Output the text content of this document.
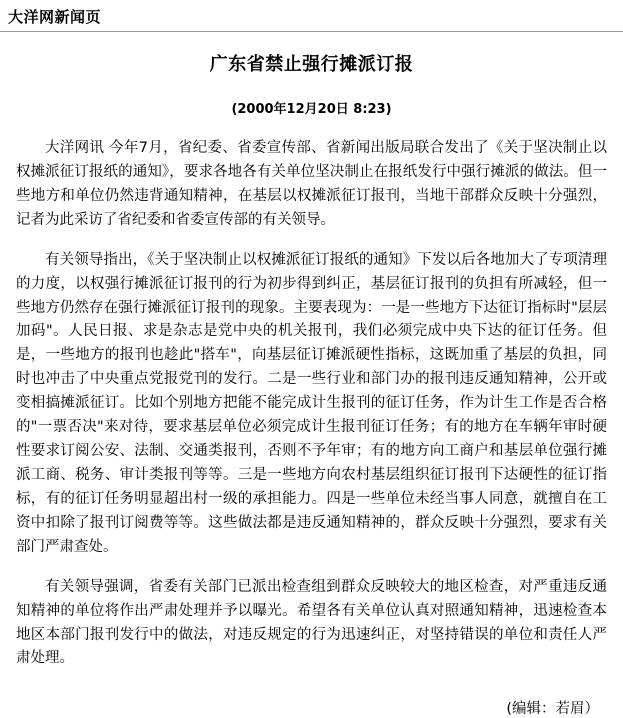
大洋网新闻页
广东省禁止强行摊派订报
(2000年12月20日 8:23)

大洋网讯 今年7月，省纪委、省委宣传部、省新闻出版局联合发出了《关于坚决制止以权摊派征订报纸的通知》，要求各地各有关单位坚决制止在报纸发行中强行摊派的做法。但一些地方和单位仍然违背通知精神，在基层以权摊派征订报刊，当地干部群众反映十分强烈，记者为此采访了省纪委和省委宣传部的有关领导。

有关领导指出，《关于坚决制止以权摊派征订报纸的通知》下发以后各地加大了专项清理的力度，以权强行摊派征订报刊的行为初步得到纠正，基层征订报刊的负担有所减轻，但一些地方仍然存在强行摊派征订报刊的现象。主要表现为：一是一些地方下达征订指标时"层层加码"。人民日报、求是杂志是党中央的机关报刊，我们必须完成中央下达的征订任务。但是，一些地方的报刊也趁此"搭车"，向基层征订摊派硬性指标，这既加重了基层的负担，同时也冲击了中央重点党报党刊的发行。二是一些行业和部门办的报刊违反通知精神，公开或变相搞摊派征订。比如个别地方把能不能完成计生报刊的征订任务，作为计生工作是否合格的"一票否决"来对待，要求基层单位必须完成计生报刊征订任务；有的地方在车辆年审时硬性要求订阅公安、法制、交通类报刊，否则不予年审；有的地方向工商户和基层单位强行摊派工商、税务、审计类报刊等等。三是一些地方向农村基层组织征订报刊下达硬性的征订指标，有的征订任务明显超出村一级的承担能力。四是一些单位未经当事人同意，就擅自在工资中扣除了报刊订阅费等等。这些做法都是违反通知精神的，群众反映十分强烈，要求有关部门严肃查处。

有关领导强调，省委有关部门已派出检查组到群众反映较大的地区检查，对严重违反通知精神的单位将作出严肃处理并予以曝光。希望各有关单位认真对照通知精神，迅速检查本地区本部门报刊发行中的做法，对违反规定的行为迅速纠正，对坚持错误的单位和责任人严肃处理。

(编辑：若眉）
